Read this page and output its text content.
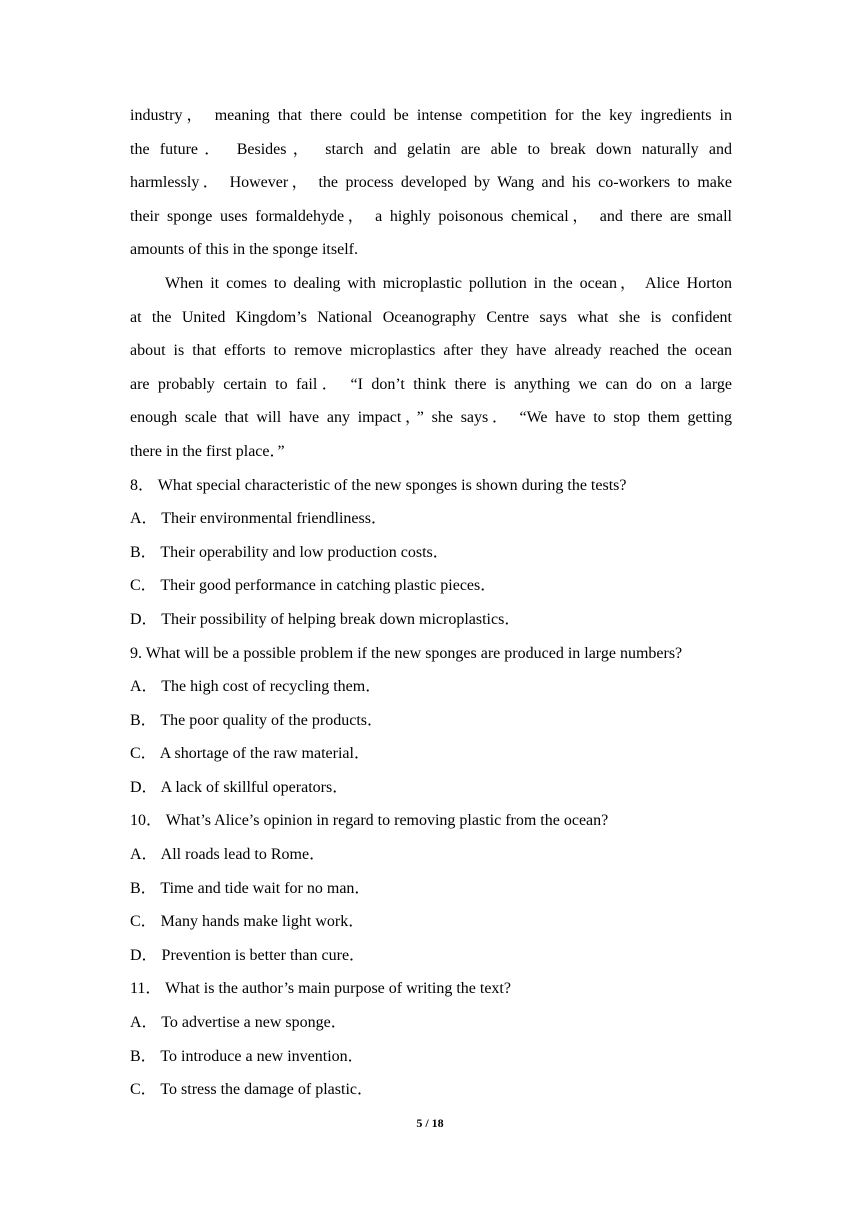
industry， meaning that there could be intense competition for the key ingredients in
the future． Besides， starch and gelatin are able to break down naturally and
harmlessly． However， the process developed by Wang and his co-workers to make
their sponge uses formaldehyde， a highly poisonous chemical， and there are small
amounts of this in the sponge itself.
When it comes to dealing with microplastic pollution in the ocean， Alice Horton
at the United Kingdom’s National Oceanography Centre says what she is confident
about is that efforts to remove microplastics after they have already reached the ocean
are probably certain to fail． “I don’t think there is anything we can do on a large
enough scale that will have any impact，” she says． “We have to stop them getting
there in the first place．”
8． What special characteristic of the new sponges is shown during the tests?
A． Their environmental friendliness．
B． Their operability and low production costs．
C． Their good performance in catching plastic pieces．
D． Their possibility of helping break down microplastics．
9. What will be a possible problem if the new sponges are produced in large numbers?
A． The high cost of recycling them．
B． The poor quality of the products．
C． A shortage of the raw material．
D． A lack of skillful operators．
10． What’s Alice’s opinion in regard to removing plastic from the ocean?
A． All roads lead to Rome．
B． Time and tide wait for no man．
C． Many hands make light work．
D． Prevention is better than cure．
11． What is the author’s main purpose of writing the text?
A． To advertise a new sponge．
B． To introduce a new invention．
C． To stress the damage of plastic．
5 / 18
